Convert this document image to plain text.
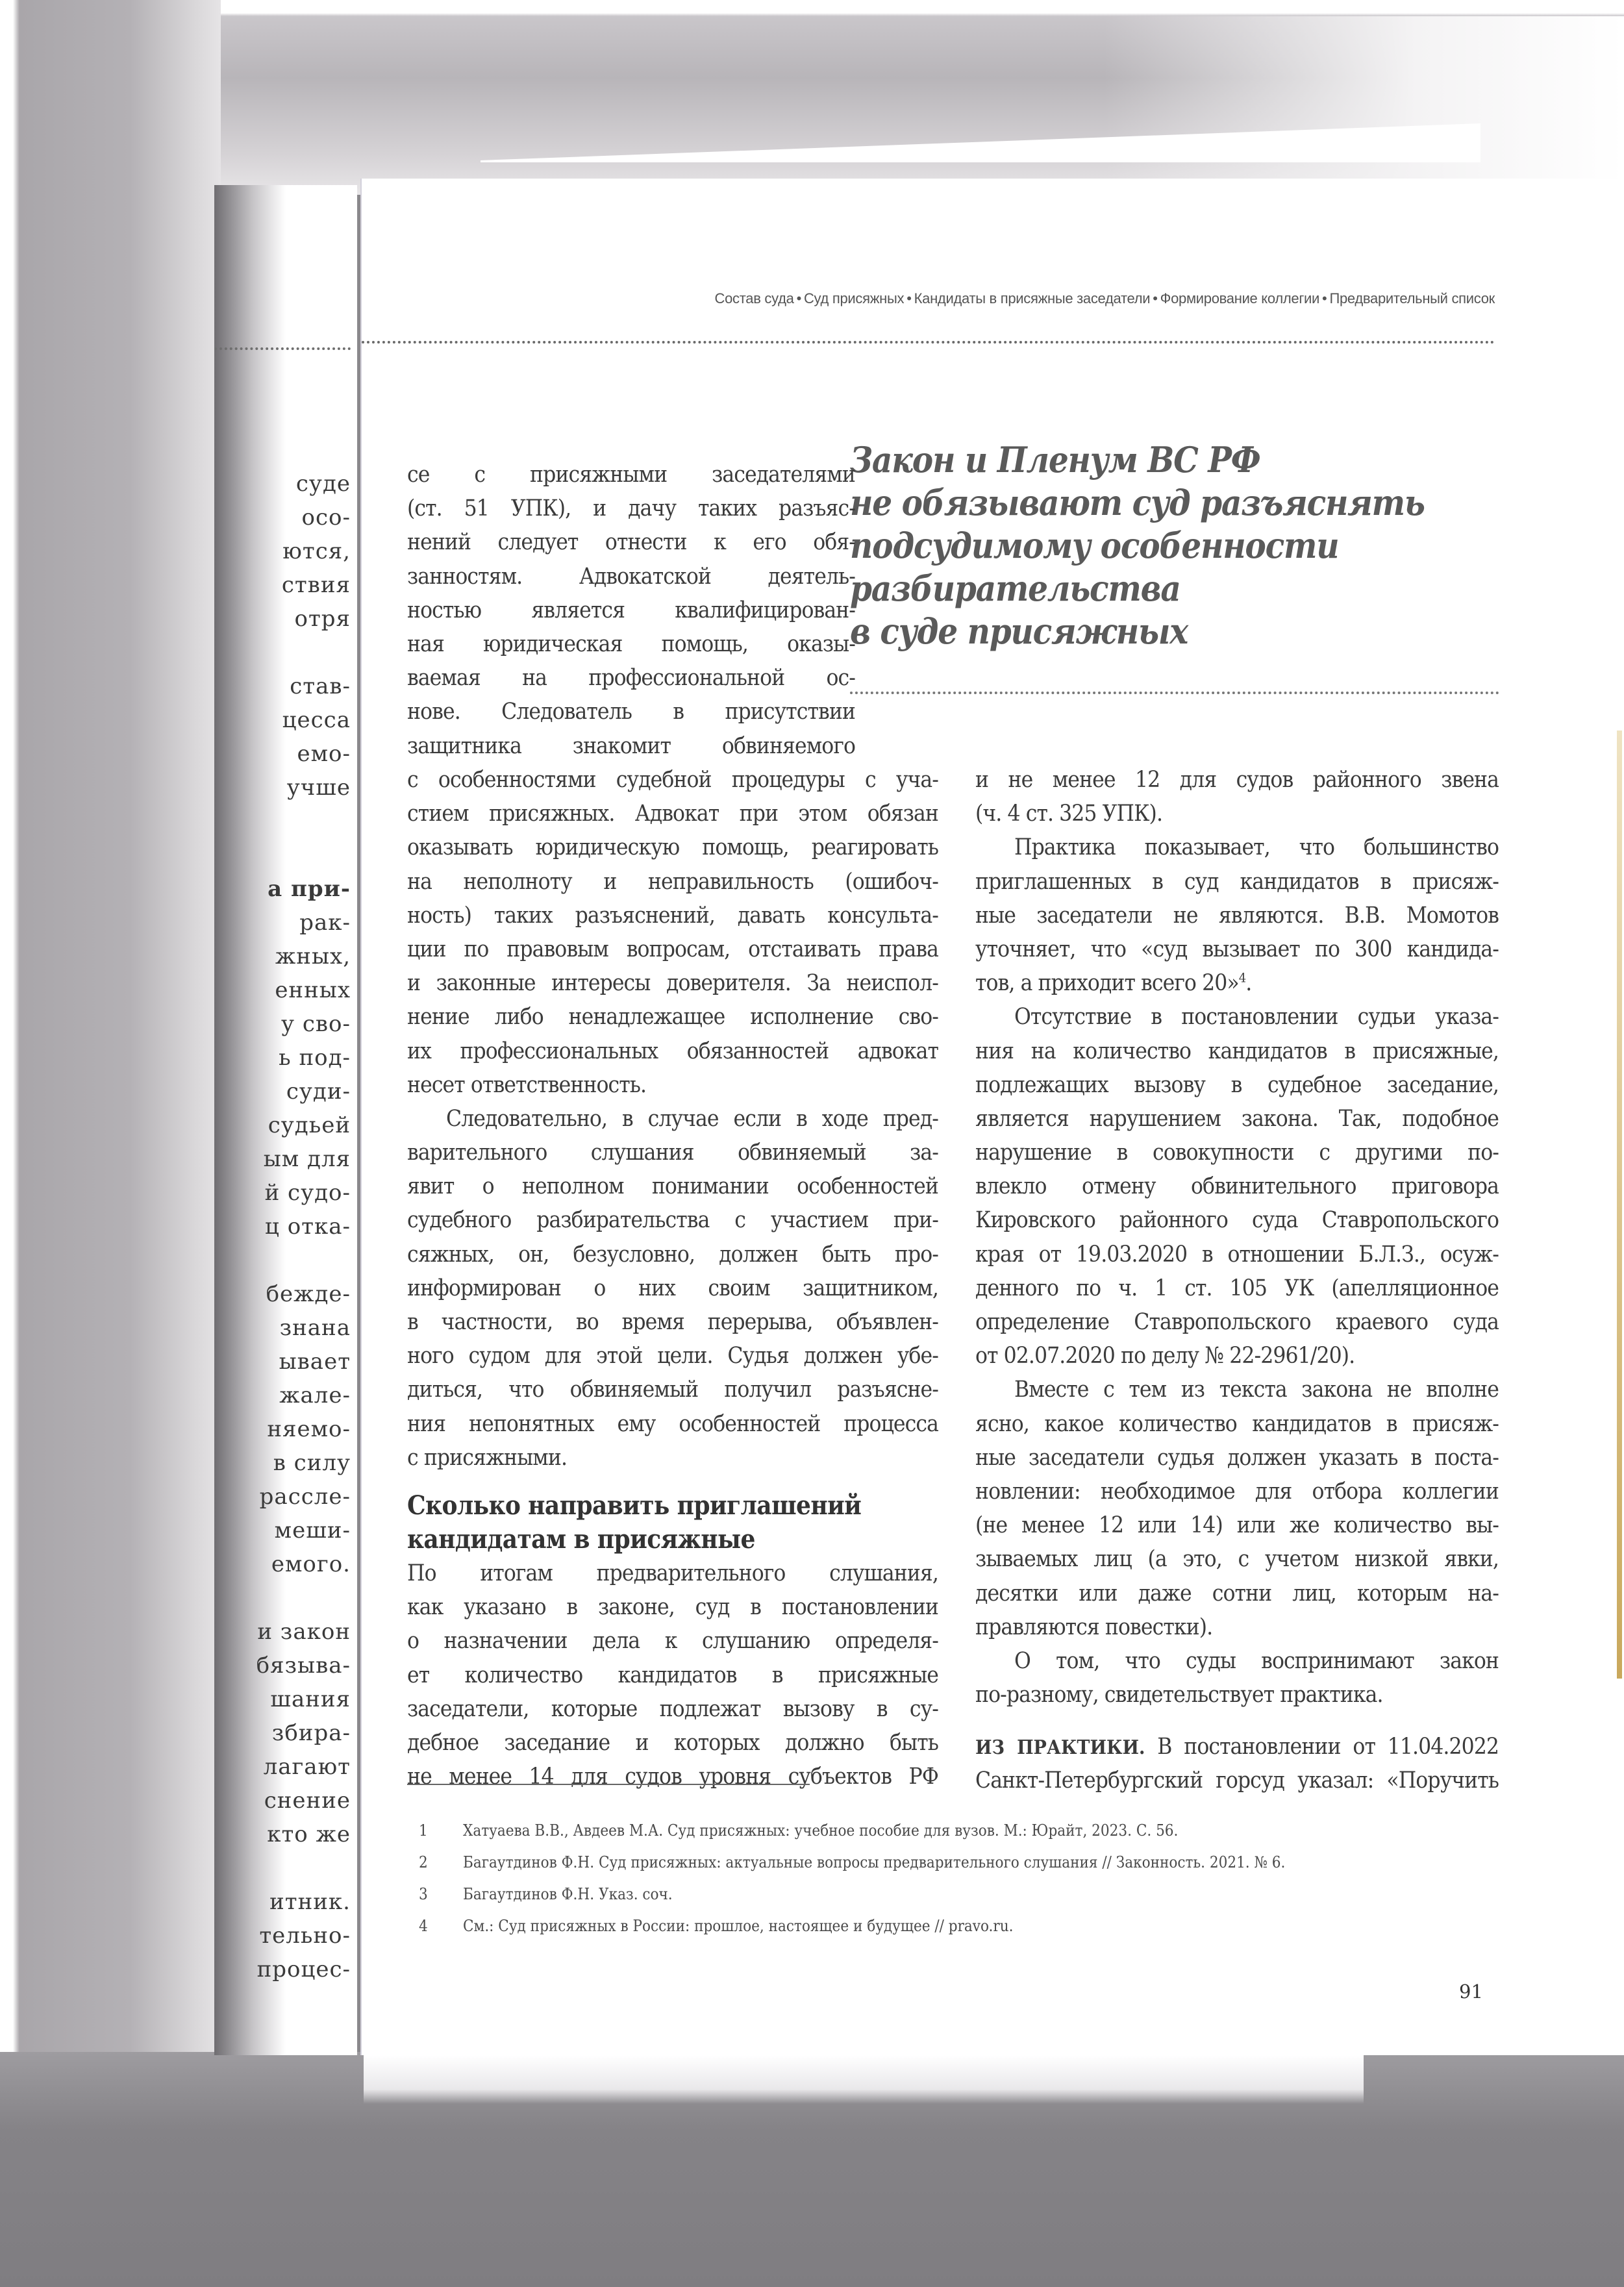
суде
осо-
ются,
ствия
отря
став-
цесса
емо-
учше
а при-
рак-
жных,
енных
у сво-
ь под-
суди-
судьей
ым для
й судо-
ц отка-
бежде-
знана
ывает
жале-
няемо-
в силу
рассле-
меши-
емого.
и закон
бязыва-
шания
збира-
лагают
снение
кто же
итник.
тельно-
процес-
Состав суда • Суд присяжных • Кандидаты в присяжные заседатели • Формирование коллегии • Предварительный список
Закон и Пленум ВС РФ
не обязывают суд разъяснять
подсудимому особенности
разбирательства
в суде присяжных
се с присяжными заседателями
(ст. 51 УПК), и дачу таких разъяс-
нений следует отнести к его обя-
занностям. Адвокатской деятель-
ностью является квалифицирован-
ная юридическая помощь, оказы-
ваемая на профессиональной ос-
нове. Следователь в присутствии
защитника знакомит обвиняемого
с особенностями судебной процедуры с уча-
стием присяжных. Адвокат при этом обязан
оказывать юридическую помощь, реагировать
на неполноту и неправильность (ошибоч-
ность) таких разъяснений, давать консульта-
ции по правовым вопросам, отстаивать права
и законные интересы доверителя. За неиспол-
нение либо ненадлежащее исполнение сво-
их профессиональных обязанностей адвокат
несет ответственность.
Следовательно, в случае если в ходе пред-
варительного слушания обвиняемый за-
явит о неполном понимании особенностей
судебного разбирательства с участием при-
сяжных, он, безусловно, должен быть про-
информирован о них своим защитником,
в частности, во время перерыва, объявлен-
ного судом для этой цели. Судья должен убе-
диться, что обвиняемый получил разъясне-
ния непонятных ему особенностей процесса
с присяжными.
Сколько направить приглашений
кандидатам в присяжные
По итогам предварительного слушания,
как указано в законе, суд в постановлении
о назначении дела к слушанию определя-
ет количество кандидатов в присяжные
заседатели, которые подлежат вызову в су-
дебное заседание и которых должно быть
не менее 14 для судов уровня субъектов РФ
и не менее 12 для судов районного звена
(ч. 4 ст. 325 УПК).
Практика показывает, что большинство
приглашенных в суд кандидатов в присяж-
ные заседатели не являются. В.В. Момотов
уточняет, что «суд вызывает по 300 кандида-
тов, а приходит всего 20»$^4$.
Отсутствие в постановлении судьи указа-
ния на количество кандидатов в присяжные,
подлежащих вызову в судебное заседание,
является нарушением закона. Так, подобное
нарушение в совокупности с другими по-
влекло отмену обвинительного приговора
Кировского районного суда Ставропольского
края от 19.03.2020 в отношении Б.Л.З., осуж-
денного по ч. 1 ст. 105 УК (апелляционное
определение Ставропольского краевого суда
от 02.07.2020 по делу № 22-2961/20).
Вместе с тем из текста закона не вполне
ясно, какое количество кандидатов в присяж-
ные заседатели судья должен указать в поста-
новлении: необходимое для отбора коллегии
(не менее 12 или 14) или же количество вы-
зываемых лиц (а это, с учетом низкой явки,
десятки или даже сотни лиц, которым на-
правляются повестки).
О том, что суды воспринимают закон
по-разному, свидетельствует практика.
ИЗ ПРАКТИКИ. В постановлении от 11.04.2022
Санкт-Петербургский горсуд указал: «Поручить
1 Хатуаева В.В., Авдеев М.А. Суд присяжных: учебное пособие для вузов. М.: Юрайт, 2023. С. 56.
2 Багаутдинов Ф.Н. Суд присяжных: актуальные вопросы предварительного слушания // Законность. 2021. № 6.
3 Багаутдинов Ф.Н. Указ. соч.
4 См.: Суд присяжных в России: прошлое, настоящее и будущее // pravo.ru.
91
